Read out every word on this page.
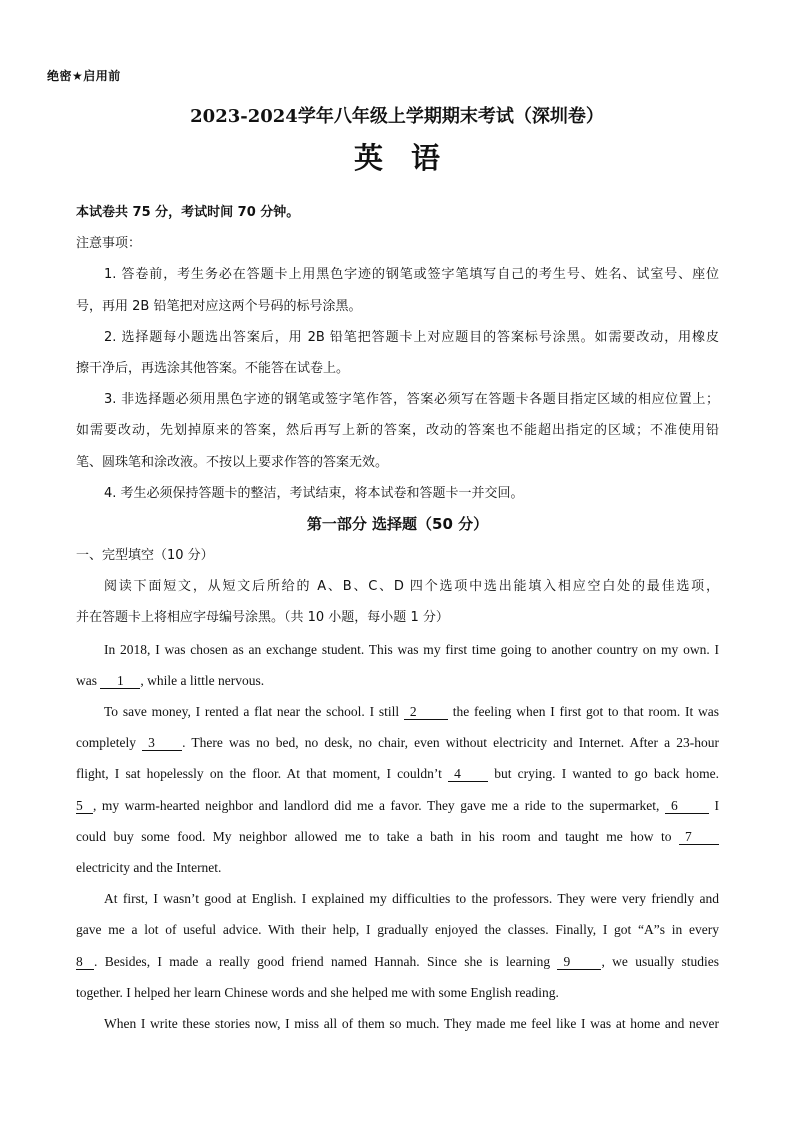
绝密★启用前
2023-2024学年八年级上学期期末考试（深圳卷）
英语
本试卷共 75 分，考试时间 70 分钟。
注意事项：
1. 答卷前，考生务必在答题卡上用黑色字迹的钢笔或签字笔填写自己的考生号、姓名、试室号、座位
号，再用 2B 铅笔把对应这两个号码的标号涂黑。
2. 选择题每小题选出答案后，用 2B 铅笔把答题卡上对应题目的答案标号涂黑。如需要改动，用橡皮
擦干净后，再选涂其他答案。不能答在试卷上。
3. 非选择题必须用黑色字迹的钢笔或签字笔作答，答案必须写在答题卡各题目指定区域的相应位置上；
如需要改动，先划掉原来的答案，然后再写上新的答案，改动的答案也不能超出指定的区域；不准使用铅
笔、圆珠笔和涂改液。不按以上要求作答的答案无效。
4. 考生必须保持答题卡的整洁，考试结束，将本试卷和答题卡一并交回。
第一部分 选择题（50 分）
一、完型填空（10 分）
阅读下面短文，从短文后所给的 A、B、C、D 四个选项中选出能填入相应空白处的最佳选项，
并在答题卡上将相应字母编号涂黑。（共 10 小题，每小题 1 分）
In 2018, I was chosen as an exchange student. This was my first time going to another country on my own. I
was 1 , while a little nervous.
To save money, I rented a flat near the school. I still 2	the feeling when I first got to that room. It was
completely 3 . There was no bed, no desk, no chair, even without electricity and Internet. After a 23-hour
flight, I sat hopelessly on the floor. At that moment, I couldn’t 4 but crying. I wanted to go back home.
5 , my warm-hearted neighbor and landlord did me a favor. They gave me a ride to the supermarket, 6	I
could buy some food. My neighbor allowed me to take a bath in his room and taught me how to 7
electricity and the Internet.
At first, I wasn’t good at English. I explained my difficulties to the professors. They were very friendly and
gave me a lot of useful advice. With their help, I gradually enjoyed the classes. Finally, I got “A”s in every
8 . Besides, I made a really good friend named Hannah. Since she is learning 9 , we usually studies
together. I helped her learn Chinese words and she helped me with some English reading.
When I write these stories now, I miss all of them so much. They made me feel like I was at home and never
